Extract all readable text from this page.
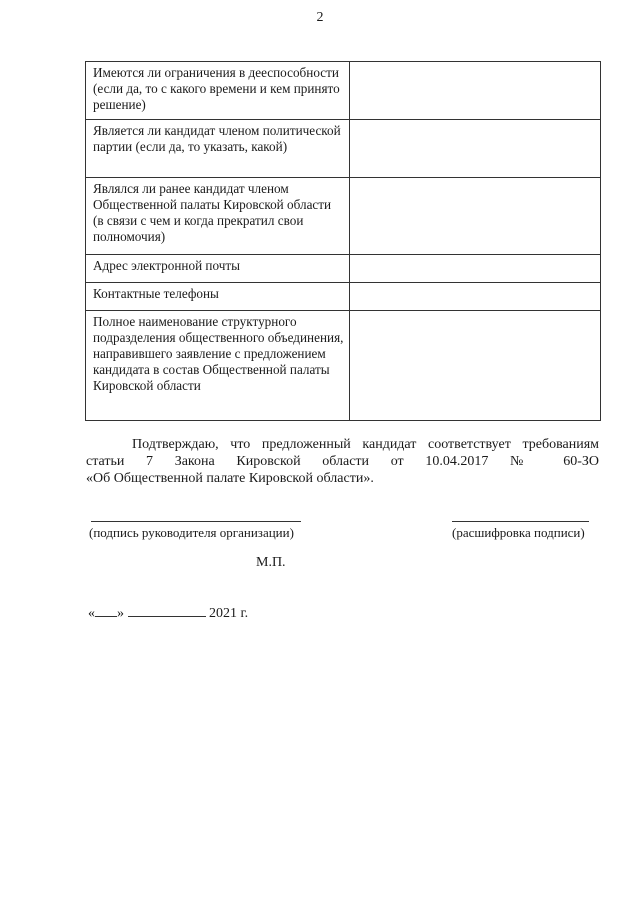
2
Имеются ли ограничения в дееспособности (если да, то с какого времени и кем принято решение)	
Является ли кандидат членом политической партии (если да, то указать, какой)	
Являлся ли ранее кандидат членом Общественной палаты Кировской области (в связи с чем и когда прекратил свои полномочия)	
Адрес электронной почты	
Контактные телефоны	
Полное наименование структурного подразделения общественного объединения, направившего заявление с предложением кандидата в состав Общественной палаты Кировской области	
Подтверждаю, что предложенный кандидат соответствует требованиям статьи 7 Закона Кировской области от 10.04.2017 № 60-ЗО
«Об Общественной палате Кировской области».
(подпись руководителя организации)	(расшифровка подписи)
М.П.
« »	2021 г.
